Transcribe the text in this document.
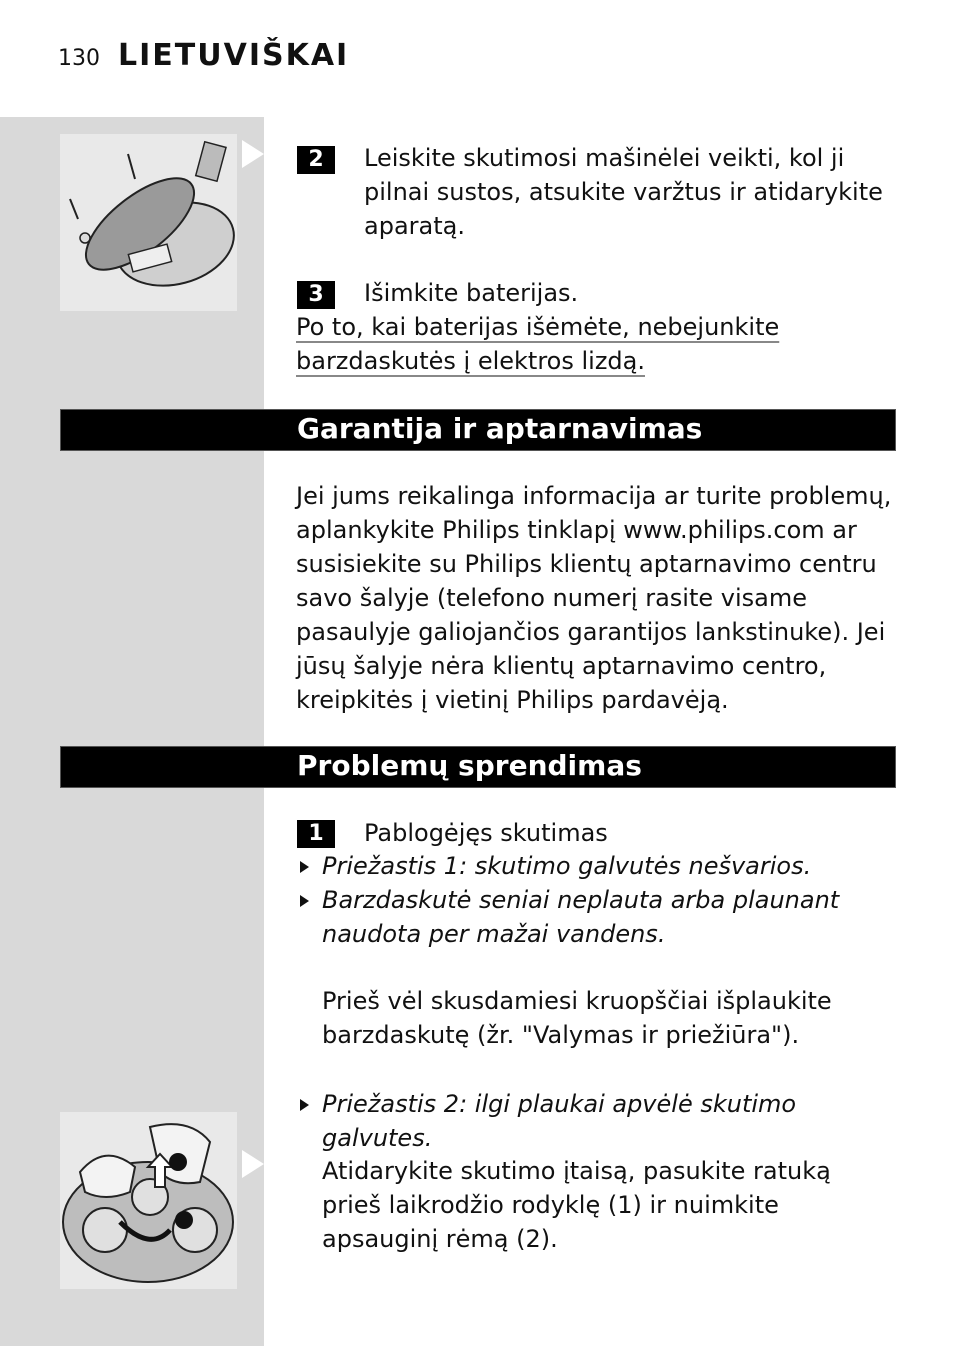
130 LIETUVIŠKAI
2	Leiskite skutimosi mašinėlei veikti, kol ji pilnai sustos, atsukite varžtus ir atidarykite aparatą.
3	Išimkite baterijas.
Po to, kai baterijas išėmėte, nebejunkite
barzdaskutės į elektros lizdą.
Garantija ir aptarnavimas
Jei jums reikalinga informacija ar turite problemų, aplankykite Philips tinklapį www.philips.com ar susisiekite su Philips klientų aptarnavimo centru savo šalyje (telefono numerį rasite visame pasaulyje galiojančios garantijos lankstinuke). Jei jūsų šalyje nėra klientų aptarnavimo centro, kreipkitės į vietinį Philips pardavėją.
Problemų sprendimas
1	Pablogėjęs skutimas
Priežastis 1: skutimo galvutės nešvarios.
Barzdaskutė seniai neplauta arba plaunant naudota per mažai vandens.
Prieš vėl skusdamiesi kruopščiai išplaukite barzdaskutę (žr. "Valymas ir priežiūra").
Priežastis 2: ilgi plaukai apvėlė skutimo galvutes.
Atidarykite skutimo įtaisą, pasukite ratuką prieš laikrodžio rodyklę (1) ir nuimkite apsauginį rėmą (2).
